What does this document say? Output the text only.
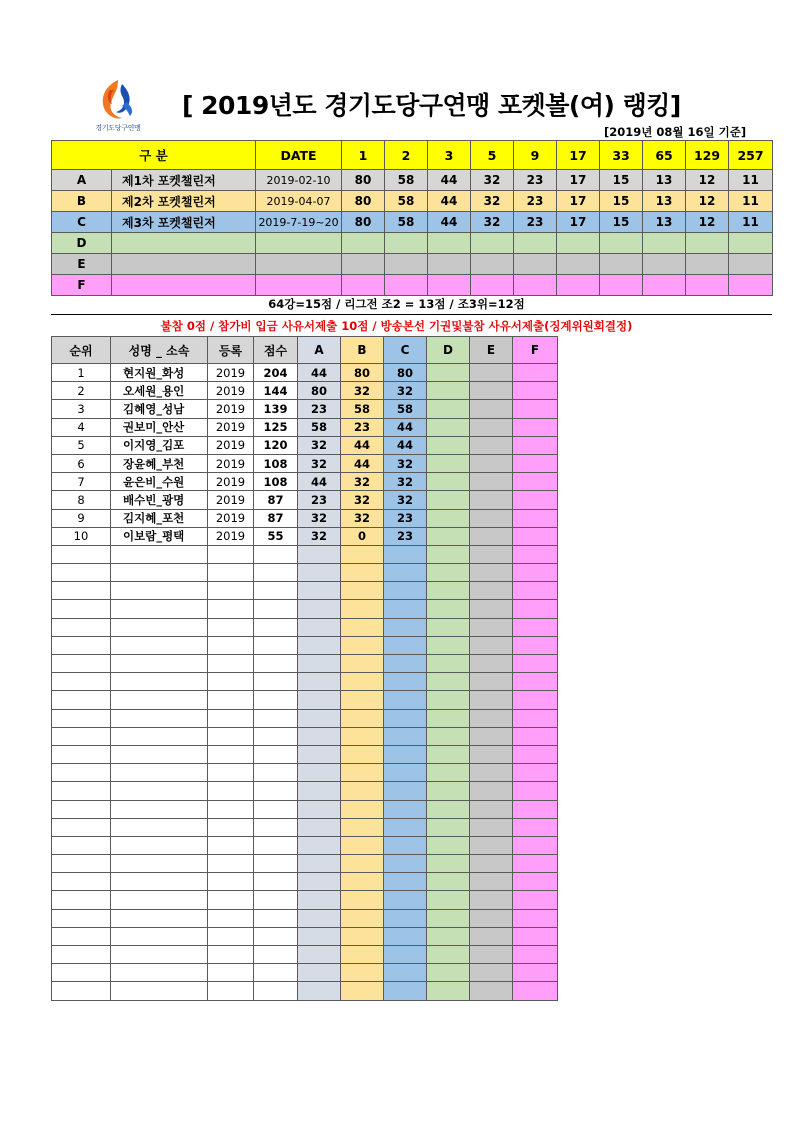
경기도당구연맹
[ 2019년도 경기도당구연맹 포켓볼(여) 랭킹]
[2019년 08월 16일 기준]
구 분		DATE	1	2	3	5	9	17	33	65	129	257
A	제1차 포켓챌린저	2019-02-10	80	58	44	32	23	17	15	13	12	11
B	제2차 포켓챌린저	2019-04-07	80	58	44	32	23	17	15	13	12	11
C	제3차 포켓챌린저	2019-7-19~20	80	58	44	32	23	17	15	13	12	11
D												
E												
F												
64강=15점 / 리그전 조2 = 13점 / 조3위=12점
불참 0점 / 참가비 입금 사유서제출 10점 / 방송본선 기권및불참 사유서제출(징계위원회결정)
순위	성명 _ 소속	등록	점수	A	B	C	D	E	F
1	현지원_화성	2019	204	44	80	80			
2	오세원_용인	2019	144	80	32	32			
3	김혜영_성남	2019	139	23	58	58			
4	권보미_안산	2019	125	58	23	44			
5	이지영_김포	2019	120	32	44	44			
6	장윤혜_부천	2019	108	32	44	32			
7	윤은비_수원	2019	108	44	32	32			
8	배수빈_광명	2019	87	23	32	32			
9	김지혜_포천	2019	87	32	32	23			
10	이보람_평택	2019	55	32	0	23			
